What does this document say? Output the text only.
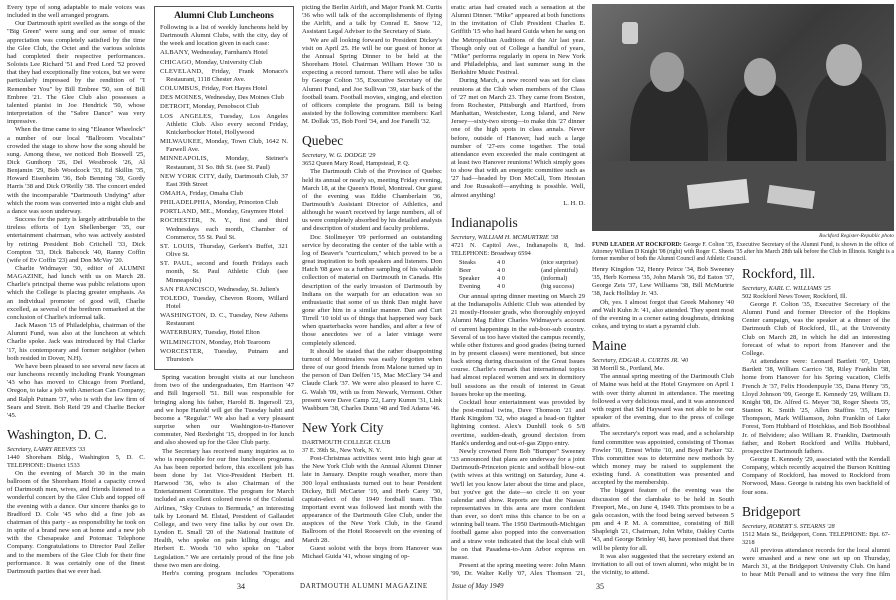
Every type of song adaptable to male voices was included in the well arranged program.

Our Dartmouth spirit swelled as the songs of the "Big Green" were sung and our sense of music appreciation was completely satisfied by the time the Glee Club, the Octet and the various soloists had completed their respective performances. Soloists Lee Richard '51 and Fred Lord '52 proved that they had exceptionally fine voices, but we were particularly impressed by the rendition of "I Remember You" by Bill Embree '50, son of Bill Embree '21. The Glee Club also possesses a talented pianist in Joe Hendrick '50, whose interpretation of the "Sabre Dance" was very impressive.

When the time came to sing "Eleanor Wheelock" a number of our local "Ballroom Vocalists" crowded the stage to show how the song should be sung. Among these, we noticed Bob Boswell '25, Dick Gunthorp '26, Del Westbrook '26, Al Benjamin '29, Bob Woodcock '33, Ed Skillin '35, Howard Eisenheim '36, Bob Benning '39, Gordy Harris '38 and Dick O'Reilly '38. The concert ended with the incomparable "Dartmouth Undying" after which the room was converted into a night club and a dance was soon underway.

Success for the party is largely attributable to the tireless efforts of Lyn Shellenberger '35, our entertainment chairman, who was actively assisted by retiring President Bob Critchell '33, Dick Compton '33, Dick Babcock '40, Ranny Coffin (wife of Ev Coffin '23) and Don McVay '20.

Charlie Widmayer '30, editor of ALUMNI MAGAZINE, had lunch with us on March 28. Charlie's principal theme was public relations upon which the College is placing greater emphasis. As an individual promoter of good will, Charlie excelled, as several of the brethren remarked at the conclusion of Charlie's informal talk.

Jack Mason '15 of Philadelphia, chairman of the Alumni Fund, was also at the luncheon at which Charlie spoke. Jack was introduced by Hal Clarke '17, his contemporary and former neighbor (when both resided in Dover, N.H).

We have been pleased to see several new faces at our luncheons recently including Frank Youngman '43 who has moved to Chicago from Portland, Oregon, to take a job with American Can Company; and Ralph Putnam '37, who is with the law firm of Sears and Streit. Bob Reid '29 and Charlie Becker '45.

Washington, D. C.

Secretary, LARRY REEVES '33

1440 Shoreham Bldg., Washington 5, D. C. TELEPHONE: District 1533

On the evening of March 30 in the main ballroom of the Shoreham Hotel a capacity crowd of Dartmouth men, wives, and friends listened to a wonderful concert by the Glee Club and topped off the evening with a dance. Our sincere thanks go to Bradford D. Cole '45 who did a fine job as chairman of this party - as responsibility he took on in spite of a brand new son at home and a new job with the Chesapeake and Potomac Telephone Company. Congratulations to Director Paul Zeller and to the members of the Glee Club for their fine performance. It was certainly one of the finest Dartmouth parties that we ever had.

Alumni Club Luncheons
Following is a list of weekly luncheons held by Dartmouth Alumni Clubs, with the city, day of the week and location given in each case:
ALBANY, Wednesday, Farnham's Hotel
CHICAGO, Monday, University Club
CLEVELAND, Friday, Frank Monaco's Restaurant, 1118 Chester Ave.
COLUMBUS, Friday, Fort Hayes Hotel
DES MOINES, Wednesday, Des Moines Club
DETROIT, Monday, Penobscot Club
LOS ANGELES, Tuesday, Los Angeles Athletic Club. Also every second Friday, Knickerbocker Hotel, Hollywood
MILWAUKEE, Monday, Town Club, 1642 N. Farwell Ave.
MINNEAPOLIS,	Monday, Steiner's Restaurant, 31 So. 8th St. (see St. Paul)
NEW YORK CITY, daily, Dartmouth Club, 37 East 39th Street
OMAHA, Friday, Omaha Club
PHILADELPHIA, Monday, Princeton Club
PORTLAND, ME., Monday, Graymore Hotel
ROCHESTER, N. Y., first and third Wednesdays each month, Chamber of Commerce, 55 St. Paul St.
ST. LOUIS, Thursday, Gerken's Buffet, 321 Olive St.
ST. PAUL, second and fourth Fridays each month, St. Paul Athletic Club (see Minneapolis)
SAN FRANCISCO, Wednesday, St. Julien's
TOLEDO, Tuesday, Chevron Room, Willard Hotel
WASHINGTON, D. C., Tuesday, New Athens Restaurant
WATERBURY, Tuesday, Hotel Elton
WILMINGTON, Monday, Hob Tearoom
WORCESTER, Tuesday, Putnam and Thurston's

Spring vacation brought visits at our luncheon from two of the undergraduates, Ern Harrison '47 and Bill Ingersoll '51. Bill was responsible for bringing along his father, Harold B. Ingersoll '23, and we hope Harold will get the Tuesday habit and become a "Regular." We also had a very pleasant surprise when our Washington-to-Hanover commuter, Ned Rexbright '15, dropped in for lunch and also showed up for the Glee Club party.

The Secretary has received many inquiries as to who is responsible for our fine luncheon programs. As has been reported before, this excellent job has been done by 1st Vice-President Herbert H. Harwood '36, who is also Chairman of the Entertainment Committee. The program for March included an excellent colored movie of the Colonial Airlines, "Sky Cruises to Bermuda," an interesting talk by Leonard M. Elstad, President of Gallaudet College, and two very fine talks by our own Dr. Lyndon E. Small '20 of the National Institute of Health, who spoke on pain killing drugs; and Herbert E. Woods '10 who spoke on "Labor Legislation." We are certainly proud of the fine job these two men are doing.

Herb's coming program includes "Operations

picting the Berlin Airlift, and Major Frank M. Curtis '36 who will talk of the accomplishments of flying the Airlift, and a talk by Conrad E. Snow '12, Assistant Legal Adviser to the Secretary of State.

We are all looking forward to President Dickey's visit on April 25. He will be our guest of honor at the Annual Spring Dinner to be held at the Shoreham Hotel. Chairman William Howe '30 is expecting a record turnout. There will also be talks by George Colton '35, Executive Secretary of the Alumni Fund, and Joe Sullivan '39, star back of the football team. Football movies, singing, and election of officers complete the program. Bill is being assisted by the following committee members: Karl M. Dollak '35, Bob Ford '34, and Joe Fanelli '32.

Quebec

Secretary, W. G. DODGE '29

3652 Queen Mary Road, Hampstead, P. Q.

The Dartmouth Club of the Province of Quebec held its annual or nearly so, meeting Friday evening, March 18, at the Queen's Hotel, Montreal. Our guest of the evening was Eddie Chamberlain '36, Dartmouth's Assistant Director of Athletics, and although he wasn't received by large numbers, all of us were completely absorbed by his detailed analysis and description of student and faculty problems.

Doc Stollmeyer '09 performed an outstanding service by decorating the center of the table with a log of Beaver's "curriculum," which proved to be a great inspiration to both speakers and listeners. Don Hatch '08 gave us a further sampling of his valuable collection of material on Dartmouth in Canada. His description of the early invasion of Dartmouth by Indians on the warpath for an education was so enthusiastic that some of us think Dan might have gone after him in a similar manner. Dan and Curt Tirrell '10 told us of things that happened way back when quarterbacks wore handles, and after a few of those anecdotes we of a later vintage were completely silenced.

It should be stated that the rather disappointing turnout of Montrealers was easily forgotten when three of our good friends from Malone turned up in the person of Dan Delfen '15, Mac McClary '34 and Claude Clark '37. We were also pleased to have C. G. Walsh '09, with us from Newark, Vermont. Other present were Dave Camp '22, Larry Kumm '31, Link Washburn '38, Charles Dunn '48 and Ted Adams '46.

New York City

DARTMOUTH COLLEGE CLUB

37 E. 39th St., New York, N. Y.

Post-Christmas activities went into high gear at the New York Club with the Annual Alumni Dinner late in January. Despite rough weather, more than 300 loyal enthusiasts turned out to hear President Dickey, Bill McCarter '19, and Herb Carey '30, captain-elect of the 1949 football team. This important event was followed last month with the appearance of the Dartmouth Glee Club, under the auspices of the New York Club, in the Grand Ballroom of the Hotel Roosevelt on the evening of March 28.

Guest soloist with the boys from Hanover was Michael Guida '41, whose singing of op-

eratic arias had created such a sensation at the Alumni Dinner. "Mike" appeared at both functions in the invitation of Club President Charles E. Griffith '15 who had heard Guida when he sang on the Metropolitan Auditions of the Air last year. Though only out of College a handful of years, "Mike" performs regularly in opera in New York and Philadelphia, and last summer sung in the Berkshire Music Festival.

During March, a new record was set for class reunions at the Club when members of the Class of '27 met on March 23. They came from Boston, from Rochester, Pittsburgh and Hartford, from Manhattan, Westchester, Long Island, and New Jersey—sixty-two strong—to make this '27 dinner one of the high spots in class annals. Never before, outside of Hanover, had such a large number of '27-ers come together. The total attendance even exceeded the male contingent at at least two Hanover reunions! Which simply goes to show that with an energetic committee such as '27 had—headed by Don McCall, Tom Hessian and Joe Russakoff—anything is possible. Well, almost anything!

L. H. D.

Indianapolis

Secretary, WILLIAM H. MCMURTRIE '38

4721 N. Capitol Ave., Indianapolis 8, Ind. TELEPHONE: Broadway 6594

Steaks	4 0	(nice surprise)
Beer	4 0	(and plentiful)
Speaker	4 0	(informal)
Evening	4 0	(big success)

Our annual spring dinner meeting on March 29 at the Indianapolis Athletic Club was attended by 21 mostly-Hoosier grads, who thoroughly enjoyed Alumni Mag Editor Charles Widmayer's account of current happenings in the sub-boo-sub country. Several of us too have visited the campus recently, while other fixtures and good grades (being turned in by present classes) were mentioned, but since back strong during discussion of the Great Issues course. Charlie's remark that international topics had almost replaced women and sex in dormitory bull sessions as the result of interest in Great Issues broke up the meeting.

Cocktail hour entertainment was provided by the post-mutual twins, Dave Thomson '21 and Hank Kingdom '32, who staged a head-on fighter lightning contest. Alex's Dunhill took 6 5/8 overtime, sudden-death, ground decision from Hank's underdog and out-of-gas Zippo entry.

Newly crowned Frere Bob "Bumper" Sweeney '33 announced that plans are underway for a joint Dartmouth-Princeton picnic and softball blow-out (with wives at this writing) on Saturday, June 4. We'll let you know later about the time and place, but you've got the date—so circle it on your calendar and show. Reports are that the Nassau representatives in this area are more confident than ever, so don't miss this chance to be on a winning ball team. The 1950 Dartmouth-Michigan football game also popped into the conversation and a straw vote indicated that the local club will be on that Pasadena-to-Ann Arbor express en masse.

Present at the spring meeting were: John Mann '99, Dr. Walter Kelly '07, Alex Thomson '21,

Rockford Register-Republic photo
FUND LEADER AT ROCKFORD: George F. Colton '35, Executive Secretary of the Alumni Fund, is shown in the office of Attorney William D Knight '08 (right) with Roger C. Sheets '35 after his March 28th talk before the Club in Illinois. Knight is a former member of both the Alumni Council and Athletic Council.

Henry Kingdon '32, Henry Peirce '34, Bob Sweeney '35, Herb Korness '35, John Marsh '36, Ed Eaton '37, George Zeis '37, Lew Williams '38, Bill McMurtrie '38, Jack Holliday Jr. '43.

Oh, yes. I almost forgot that Greek Mahoney '40 and Walt Kuhn Jr. '41, also attended. They spent most of the evening in a corner eating doughnuts, drinking cokes, and trying to start a pyramid club.

Maine

Secretary, EDGAR A. CURTIS JR. '40

38 Morrill St., Portland, Me.

The annual spring meeting of the Dartmouth Club of Maine was held at the Hotel Graymore on April 1 with over thirty alumni in attendance. The meeting followed a very delicious meal, and it was announced with regret that Sid Hayward was not able to be our speaker of the evening, due to the press of college affairs.

The secretary's report was read, and a scholarship fund committee was appointed, consisting of Thomas Fowler '10, Ernest White '10, and Boyd Parker '32. This committee was to determine new methods by which money may be raised to supplement the existing fund. A constitution was presented and accepted by the membership.

The biggest feature of the evening was the discussion of the clambake to be held in South Freeport, Me., on June 4, 1949. This promises to be a gala occasion, with the food being served between 5 pm and 4 P. M. A committee, consisting of Bill Shapleigh '21, Chairman, John White, Oakley Curtis '43, and George Brinley '40, have promised that there will be plenty for all.

It was also suggested that the secretary extend an invitation to all out of town alumni, who might be in the vicinity, to attend.

Rockford, Ill.

Secretary, KARL C. WILLIAMS '25

502 Rockford News Tower, Rockford, Ill.

George F. Colton '35, Executive Secretary of the Alumni Fund and former Director of the Hopkins Center campaign, was the speaker at a dinner of the Dartmouth Club of Rockford, Ill., at the University Club on March 28, in which he did an interesting forecast of what to report from Hanover and the College.

At attendance were: Leonard Bartlett '07, Upton Bartlett '38, William Carrico '38, Riley Franklin '38, home from Hanover for his Spring vacation, Cleffs French Jr '37, Felix Hoodenpuyle '35, Dana Henry '35, Lloyd Johnson '09, George E. Kennedy '29, William D. Knight '08, Dr. Alfred G. Meyer '38, Roger Sheets '35, Stanton K. Smith '25, Allen Staffins '35, Harry Thompson, Mark Williamson, John Franklin of Lake Forest, Tom Hubbard of Hotchkiss, and Bob Boothbeal Jr. of Belvidere; also William R. Franklin, Dartmouth father, and Robert Rockford and Willis Hubbard, prospective Dartmouth fathers.

George E. Kennedy '29, associated with the Kendall Company, which recently acquired the Burson Knitting Company of Rockford, has moved to Rockford from Norwood, Mass. George is raising his own backfield of four sons.

Bridgeport

Secretary, ROBERT S. STEARNS '28

1512 Main St., Bridgeport, Conn. TELEPHONE: Bpt. 67-3218

All previous attendance records for the local alumni were smashed and a new one set up on Thursday, March 31, at the Bridgeport University Club. On hand to hear Milt Persall and to witness the very fine film

34	DARTMOUTH ALUMNI MAGAZINE	Issue of May 1949	35
